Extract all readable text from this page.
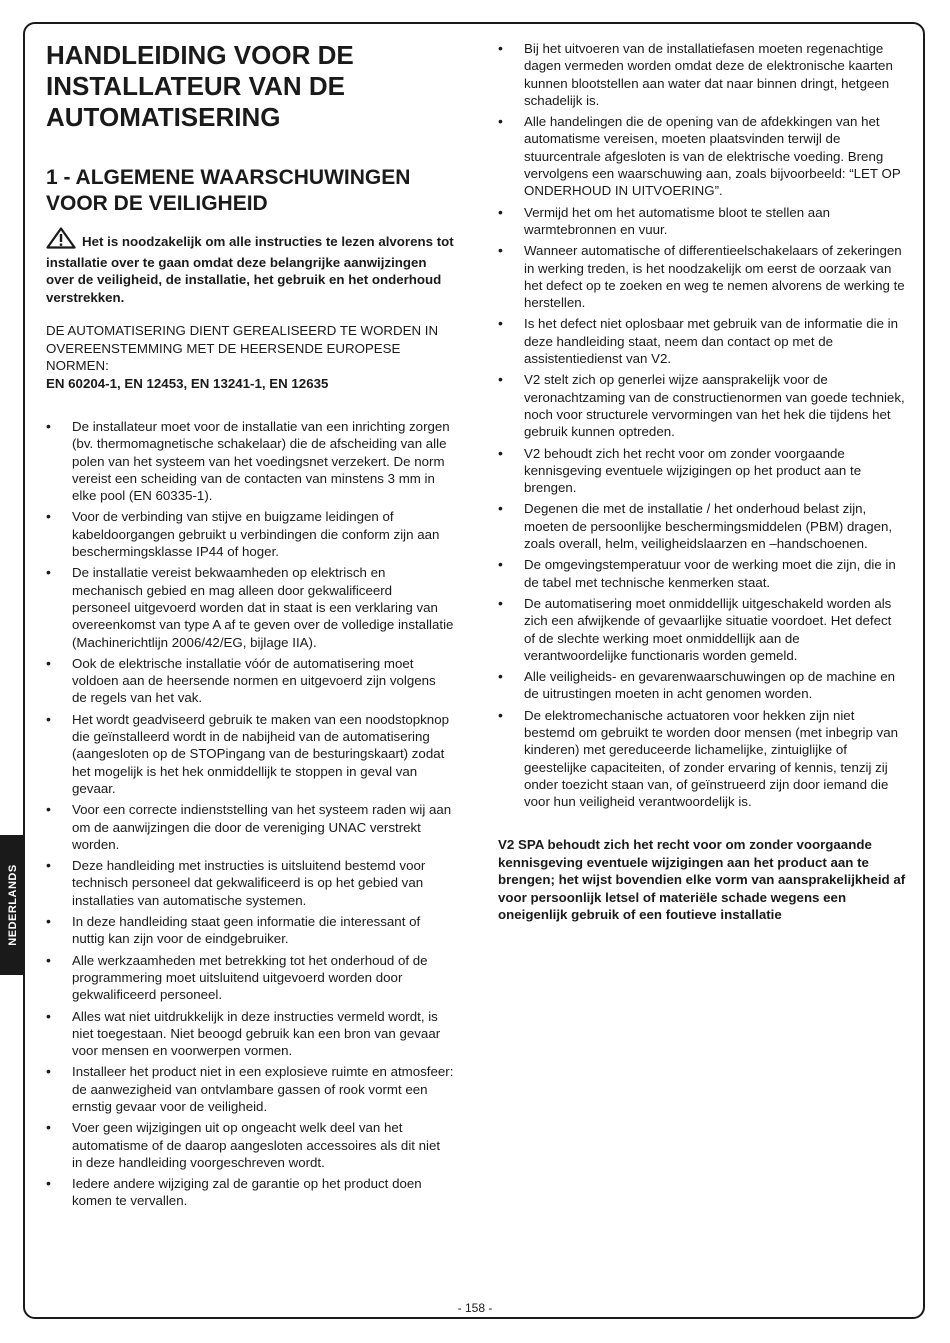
NEDERLANDS
HANDLEIDING VOOR DE INSTALLATEUR VAN DE AUTOMATISERING
1 - ALGEMENE WAARSCHUWINGEN VOOR DE VEILIGHEID

Het is noodzakelijk om alle instructies te lezen alvorens tot installatie over te gaan omdat deze belangrijke aanwijzingen over de veiligheid, de installatie, het gebruik en het onderhoud verstrekken.

DE AUTOMATISERING DIENT GEREALISEERD TE WORDEN IN OVEREENSTEMMING MET DE HEERSENDE EUROPESE NORMEN:
EN 60204-1, EN 12453, EN 13241-1, EN 12635

• De installateur moet voor de installatie van een inrichting zorgen (bv. thermomagnetische schakelaar) die de afscheiding van alle polen van het systeem van het voedingsnet verzekert. De norm vereist een scheiding van de contacten van minstens 3 mm in elke pool (EN 60335-1).
• Voor de verbinding van stijve en buigzame leidingen of kabeldoorgangen gebruikt u verbindingen die conform zijn aan beschermingsklasse IP44 of hoger.
• De installatie vereist bekwaamheden op elektrisch en mechanisch gebied en mag alleen door gekwalificeerd personeel uitgevoerd worden dat in staat is een verklaring van overeenkomst van type A af te geven over de volledige installatie (Machinerichtlijn 2006/42/EG, bijlage IIA).
• Ook de elektrische installatie vóór de automatisering moet voldoen aan de heersende normen en uitgevoerd zijn volgens de regels van het vak.
• Het wordt geadviseerd gebruik te maken van een noodstopknop die geïnstalleerd wordt in de nabijheid van de automatisering (aangesloten op de STOPingang van de besturingskaart) zodat het mogelijk is het hek onmiddellijk te stoppen in geval van gevaar.
• Voor een correcte indienststelling van het systeem raden wij aan om de aanwijzingen die door de vereniging UNAC verstrekt worden.
• Deze handleiding met instructies is uitsluitend bestemd voor technisch personeel dat gekwalificeerd is op het gebied van installaties van automatische systemen.
• In deze handleiding staat geen informatie die interessant of nuttig kan zijn voor de eindgebruiker.
• Alle werkzaamheden met betrekking tot het onderhoud of de programmering moet uitsluitend uitgevoerd worden door gekwalificeerd personeel.
• Alles wat niet uitdrukkelijk in deze instructies vermeld wordt, is niet toegestaan. Niet beoogd gebruik kan een bron van gevaar voor mensen en voorwerpen vormen.
• Installeer het product niet in een explosieve ruimte en atmosfeer: de aanwezigheid van ontvlambare gassen of rook vormt een ernstig gevaar voor de veiligheid.
• Voer geen wijzigingen uit op ongeacht welk deel van het automatisme of de daarop aangesloten accessoires als dit niet in deze handleiding voorgeschreven wordt.
• Iedere andere wijziging zal de garantie op het product doen komen te vervallen.
• Bij het uitvoeren van de installatiefasen moeten regenachtige dagen vermeden worden omdat deze de elektronische kaarten kunnen blootstellen aan water dat naar binnen dringt, hetgeen schadelijk is.
• Alle handelingen die de opening van de afdekkingen van het automatisme vereisen, moeten plaatsvinden terwijl de stuurcentrale afgesloten is van de elektrische voeding. Breng vervolgens een waarschuwing aan, zoals bijvoorbeeld: “LET OP ONDERHOUD IN UITVOERING”.
• Vermijd het om het automatisme bloot te stellen aan warmtebronnen en vuur.
• Wanneer automatische of differentieelschakelaars of zekeringen in werking treden, is het noodzakelijk om eerst de oorzaak van het defect op te zoeken en weg te nemen alvorens de werking te herstellen.
• Is het defect niet oplosbaar met gebruik van de informatie die in deze handleiding staat, neem dan contact op met de assistentiedienst van V2.
• V2 stelt zich op generlei wijze aansprakelijk voor de veronachtzaming van de constructienormen van goede techniek, noch voor structurele vervormingen van het hek die tijdens het gebruik kunnen optreden.
• V2 behoudt zich het recht voor om zonder voorgaande kennisgeving eventuele wijzigingen op het product aan te brengen.
• Degenen die met de installatie / het onderhoud belast zijn, moeten de persoonlijke beschermingsmiddelen (PBM) dragen, zoals overall, helm, veiligheidslaarzen en –handschoenen.
• De omgevingstemperatuur voor de werking moet die zijn, die in de tabel met technische kenmerken staat.
• De automatisering moet onmiddellijk uitgeschakeld worden als zich een afwijkende of gevaarlijke situatie voordoet. Het defect of de slechte werking moet onmiddellijk aan de verantwoordelijke functionaris worden gemeld.
• Alle veiligheids- en gevarenwaarschuwingen op de machine en de uitrustingen moeten in acht genomen worden.
• De elektromechanische actuatoren voor hekken zijn niet bestemd om gebruikt te worden door mensen (met inbegrip van kinderen) met gereduceerde lichamelijke, zintuiglijke of geestelijke capaciteiten, of zonder ervaring of kennis, tenzij zij onder toezicht staan van, of geïnstrueerd zijn door iemand die voor hun veiligheid verantwoordelijk is.

V2 SPA behoudt zich het recht voor om zonder voorgaande kennisgeving eventuele wijzigingen aan het product aan te brengen; het wijst bovendien elke vorm van aansprakelijkheid af voor persoonlijk letsel of materiële schade wegens een oneigenlijk gebruik of een foutieve installatie

- 158 -
